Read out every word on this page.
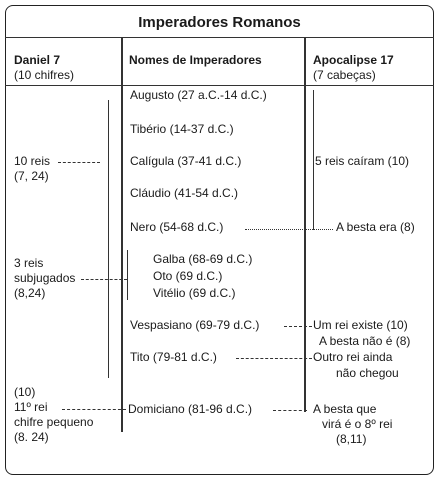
Imperadores Romanos
Daniel 7
(10 chifres)
Nomes de Imperadores	Apocalipse 17
(7 cabeças)
Augusto (27 a.C.-14 d.C.)
Tibério (14-37 d.C.)
Calígula (37-41 d.C.)
Cláudio (41-54 d.C.)
Nero (54-68 d.C.)
Galba (68-69 d.C.)
Oto (69 d.C.)
Vitélio (69 d.C.)
Vespasiano (69-79 d.C.)
Tito (79-81 d.C.)
Domiciano (81-96 d.C.)
10 reis
(7, 24)
3 reis
subjugados
(8,24)
(10)
11º rei
chifre pequeno
(8. 24)
5 reis caíram (10)
A besta era (8)
Um rei existe (10)
A besta não é (8)
Outro rei ainda
não chegou
A besta que
virá é o 8º rei
(8,11)
